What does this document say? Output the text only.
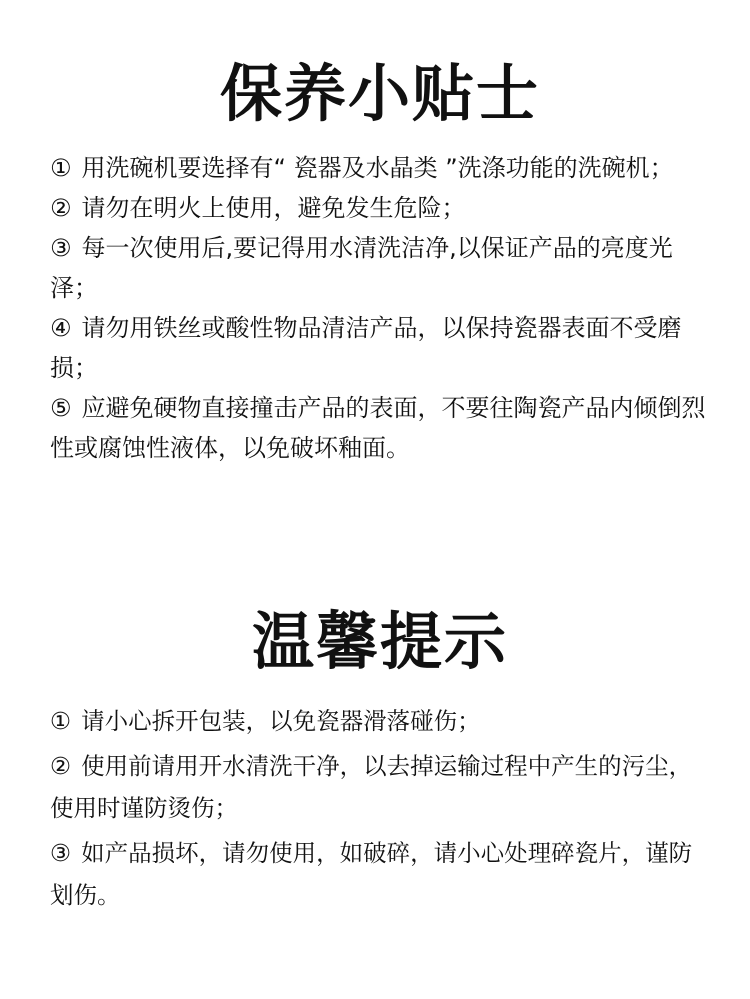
保养小贴士
① 用洗碗机要选择有“ 瓷器及水晶类 ”洗涤功能的洗碗机；
② 请勿在明火上使用，避免发生危险；
③ 每一次使用后,要记得用水清洗洁净,以保证产品的亮度光泽；
④ 请勿用铁丝或酸性物品清洁产品，以保持瓷器表面不受磨损；
⑤ 应避免硬物直接撞击产品的表面，不要往陶瓷产品内倾倒烈性或腐蚀性液体，以免破坏釉面。
温馨提示
① 请小心拆开包装，以免瓷器滑落碰伤；
② 使用前请用开水清洗干净，以去掉运输过程中产生的污尘，使用时谨防烫伤；
③ 如产品损坏，请勿使用，如破碎，请小心处理碎瓷片，谨防划伤。
